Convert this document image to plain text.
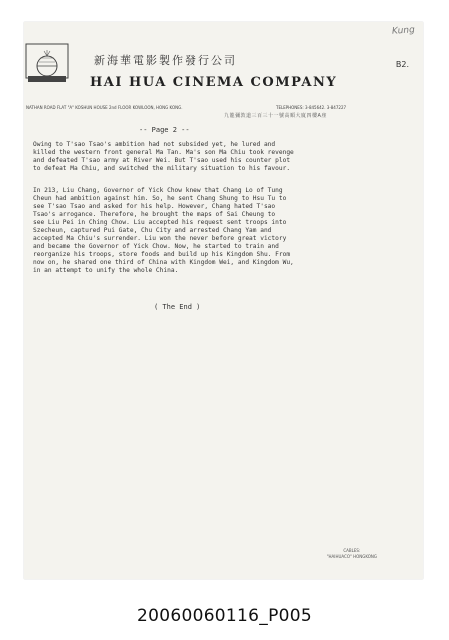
Kung
新海華電影製作發行公司
HAI HUA CINEMA COMPANY
B2.
NATHAN ROAD FLAT "A" KOSHUN HOUSE 2nd FLOOR KOWLOON, HONG KONG.	TELEPHONES: 3-845642. 3-847227
九龍彌敦道三百三十一號高順大廈四樓A座
-- Page 2 --
Owing to T'sao Tsao's ambition had not subsided yet, he lured and
killed the western front general Ma Tan. Ma's son Ma Chiu took revenge
and defeated T'sao army at River Wei. But T'sao used his counter plot
to defeat Ma Chiu, and switched the military situation to his favour.
In 213, Liu Chang, Governor of Yick Chow knew that Chang Lo of Tung
Cheun had ambition against him. So, he sent Chang Shung to Hsu Tu to
see T'sao Tsao and asked for his help. However, Chang hated T'sao
Tsao's arrogance. Therefore, he brought the maps of Sai Cheung to
see Liu Pei in Ching Chow. Liu accepted his request sent troops into
Szecheun, captured Pui Gate, Chu City and arrested Chang Yam and
accepted Ma Chiu's surrender. Liu won the never before great victory
and became the Governor of Yick Chow. Now, he started to train and
reorganize his troops, store foods and build up his Kingdom Shu. From
now on, he shared one third of China with Kingdom Wei, and Kingdom Wu,
in an attempt to unify the whole China.
( The End )
CABLES:
"HAIHUACO" HONGKONG
20060060116_P005
